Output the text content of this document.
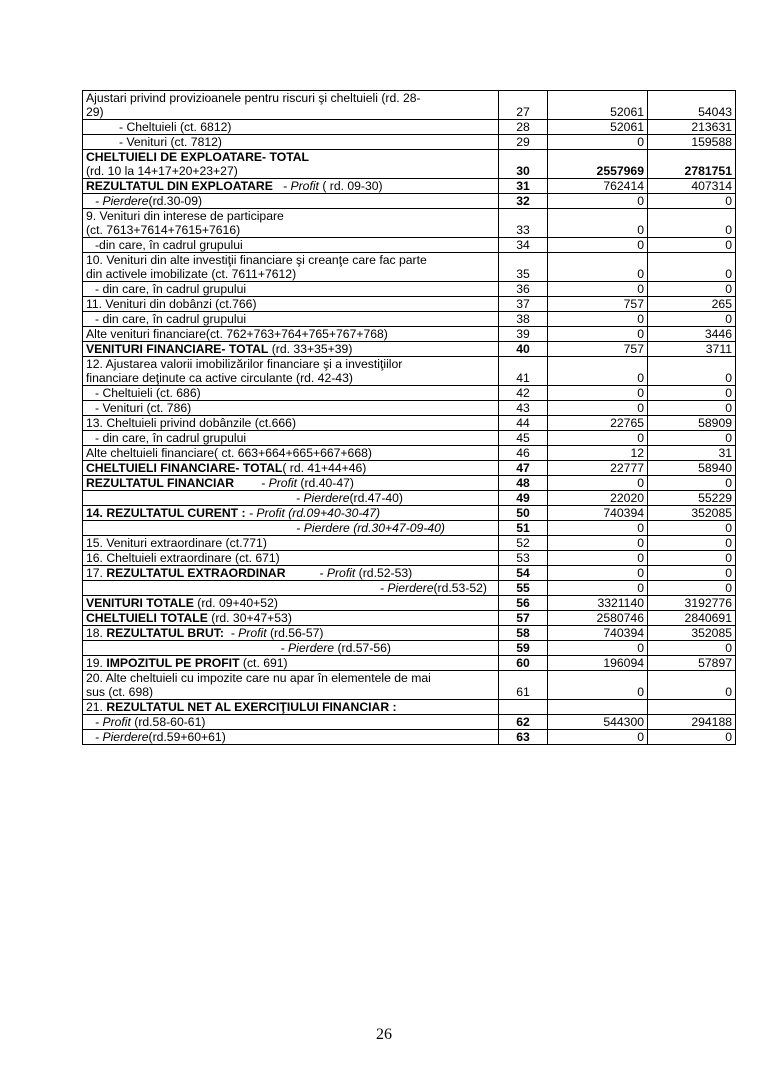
Ajustari privind provizioanele pentru riscuri şi cheltuieli (rd. 28-
29)	27	52061	54043
- Cheltuieli (ct. 6812)	28	52061	213631
- Venituri (ct. 7812)	29	0	159588
CHELTUIELI DE EXPLOATARE- TOTAL
(rd. 10 la 14+17+20+23+27)	30	2557969	2781751
REZULTATUL DIN EXPLOATARE - Profit ( rd. 09-30)	31	762414	407314
- Pierdere(rd.30-09)	32	0	0
9. Venituri din interese de participare
(ct. 7613+7614+7615+7616)	33	0	0
-din care, în cadrul grupului	34	0	0
10. Venituri din alte investiţii financiare şi creanţe care fac parte
din activele imobilizate (ct. 7611+7612)	35	0	0
- din care, în cadrul grupului	36	0	0
11. Venituri din dobânzi (ct.766)	37	757	265
- din care, în cadrul grupului	38	0	0
Alte venituri financiare(ct. 762+763+764+765+767+768)	39	0	3446
VENITURI FINANCIARE- TOTAL (rd. 33+35+39)	40	757	3711
12. Ajustarea valorii imobilizărilor financiare şi a investiţiilor
financiare deţinute ca active circulante (rd. 42-43)	41	0	0
- Cheltuieli (ct. 686)	42	0	0
- Venituri (ct. 786)	43	0	0
13. Cheltuieli privind dobânzile (ct.666)	44	22765	58909
- din care, în cadrul grupului	45	0	0
Alte cheltuieli financiare( ct. 663+664+665+667+668)	46	12	31
CHELTUIELI FINANCIARE- TOTAL( rd. 41+44+46)	47	22777	58940
REZULTATUL FINANCIAR - Profit (rd.40-47)	48	0	0

- Pierdere(rd.47-40)	49	22020	55229
14. REZULTATUL CURENT : - Profit (rd.09+40-30-47)	50	740394	352085

- Pierdere (rd.30+47-09-40)	51	0	0
15. Venituri extraordinare (ct.771)	52	0	0
16. Cheltuieli extraordinare (ct. 671)	53	0	0
17. REZULTATUL EXTRAORDINAR - Profit (rd.52-53)	54	0	0

- Pierdere(rd.53-52)	55	0	0
VENITURI TOTALE (rd. 09+40+52)	56	3321140	3192776
CHELTUIELI TOTALE (rd. 30+47+53)	57	2580746	2840691
18. REZULTATUL BRUT: - Profit (rd.56-57)	58	740394	352085

- Pierdere (rd.57-56)	59	0	0
19. IMPOZITUL PE PROFIT (ct. 691)	60	196094	57897
20. Alte cheltuieli cu impozite care nu apar în elementele de mai
sus (ct. 698)	61	0	0
21. REZULTATUL NET AL EXERCIŢIULUI FINANCIAR :			
- Profit (rd.58-60-61)	62	544300	294188
- Pierdere(rd.59+60+61)	63	0	0
26
